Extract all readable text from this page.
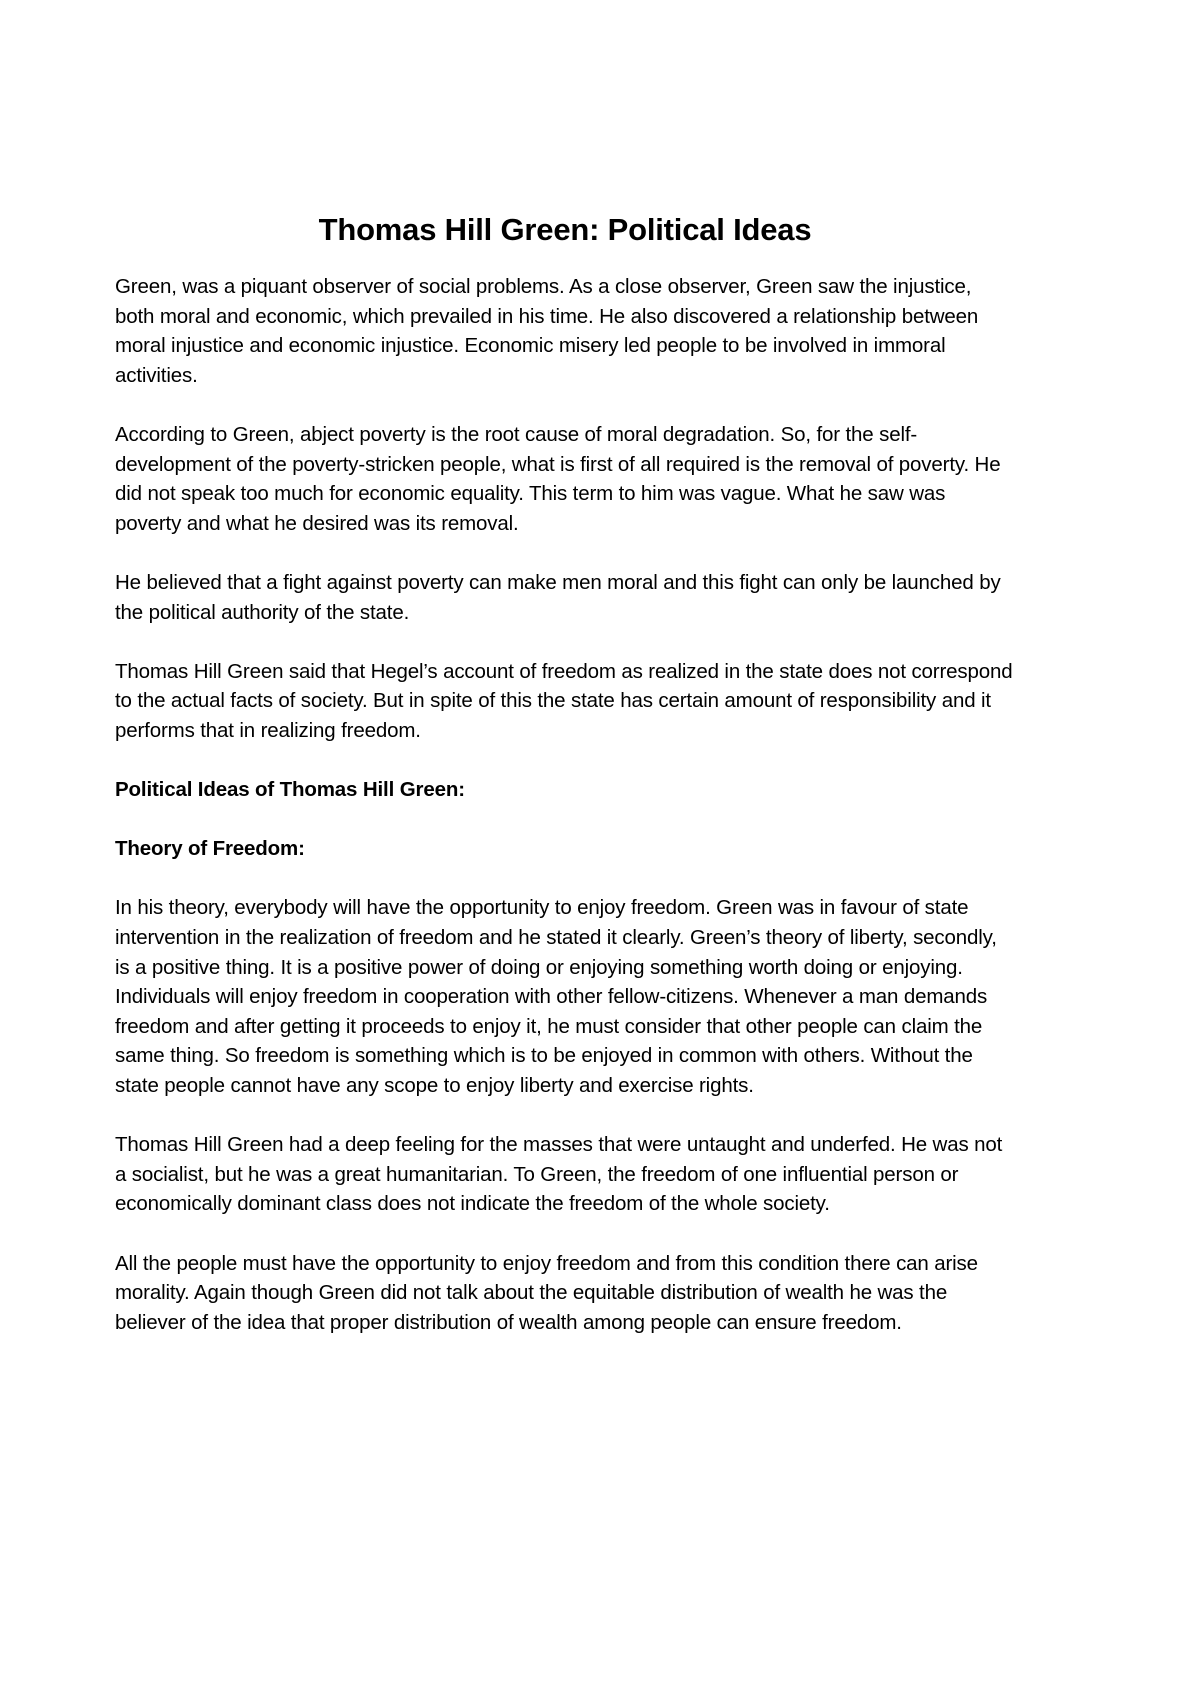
Thomas Hill Green: Political Ideas

Green, was a piquant observer of social problems. As a close observer, Green saw the injustice, both moral and economic, which prevailed in his time. He also discovered a relationship between moral injustice and economic injustice. Economic misery led people to be involved in immoral activities.

According to Green, abject poverty is the root cause of moral degradation. So, for the self-development of the poverty-stricken people, what is first of all required is the removal of poverty. He did not speak too much for economic equality. This term to him was vague. What he saw was poverty and what he desired was its removal.

He believed that a fight against poverty can make men moral and this fight can only be launched by the political authority of the state.

Thomas Hill Green said that Hegel’s account of freedom as realized in the state does not correspond to the actual facts of society. But in spite of this the state has certain amount of responsibility and it performs that in realizing freedom.

Political Ideas of Thomas Hill Green:

Theory of Freedom:

In his theory, everybody will have the opportunity to enjoy freedom. Green was in favour of state intervention in the realization of freedom and he stated it clearly. Green’s theory of liberty, secondly, is a positive thing. It is a positive power of doing or enjoying something worth doing or enjoying. Individuals will enjoy freedom in cooperation with other fellow-citizens. Whenever a man demands freedom and after getting it proceeds to enjoy it, he must consider that other people can claim the same thing. So freedom is something which is to be enjoyed in common with others. Without the state people cannot have any scope to enjoy liberty and exercise rights.

Thomas Hill Green had a deep feeling for the masses that were untaught and underfed. He was not a socialist, but he was a great humanitarian. To Green, the freedom of one influential person or economically dominant class does not indicate the freedom of the whole society.

All the people must have the opportunity to enjoy freedom and from this condition there can arise morality. Again though Green did not talk about the equitable distribution of wealth he was the believer of the idea that proper distribution of wealth among people can ensure freedom.
